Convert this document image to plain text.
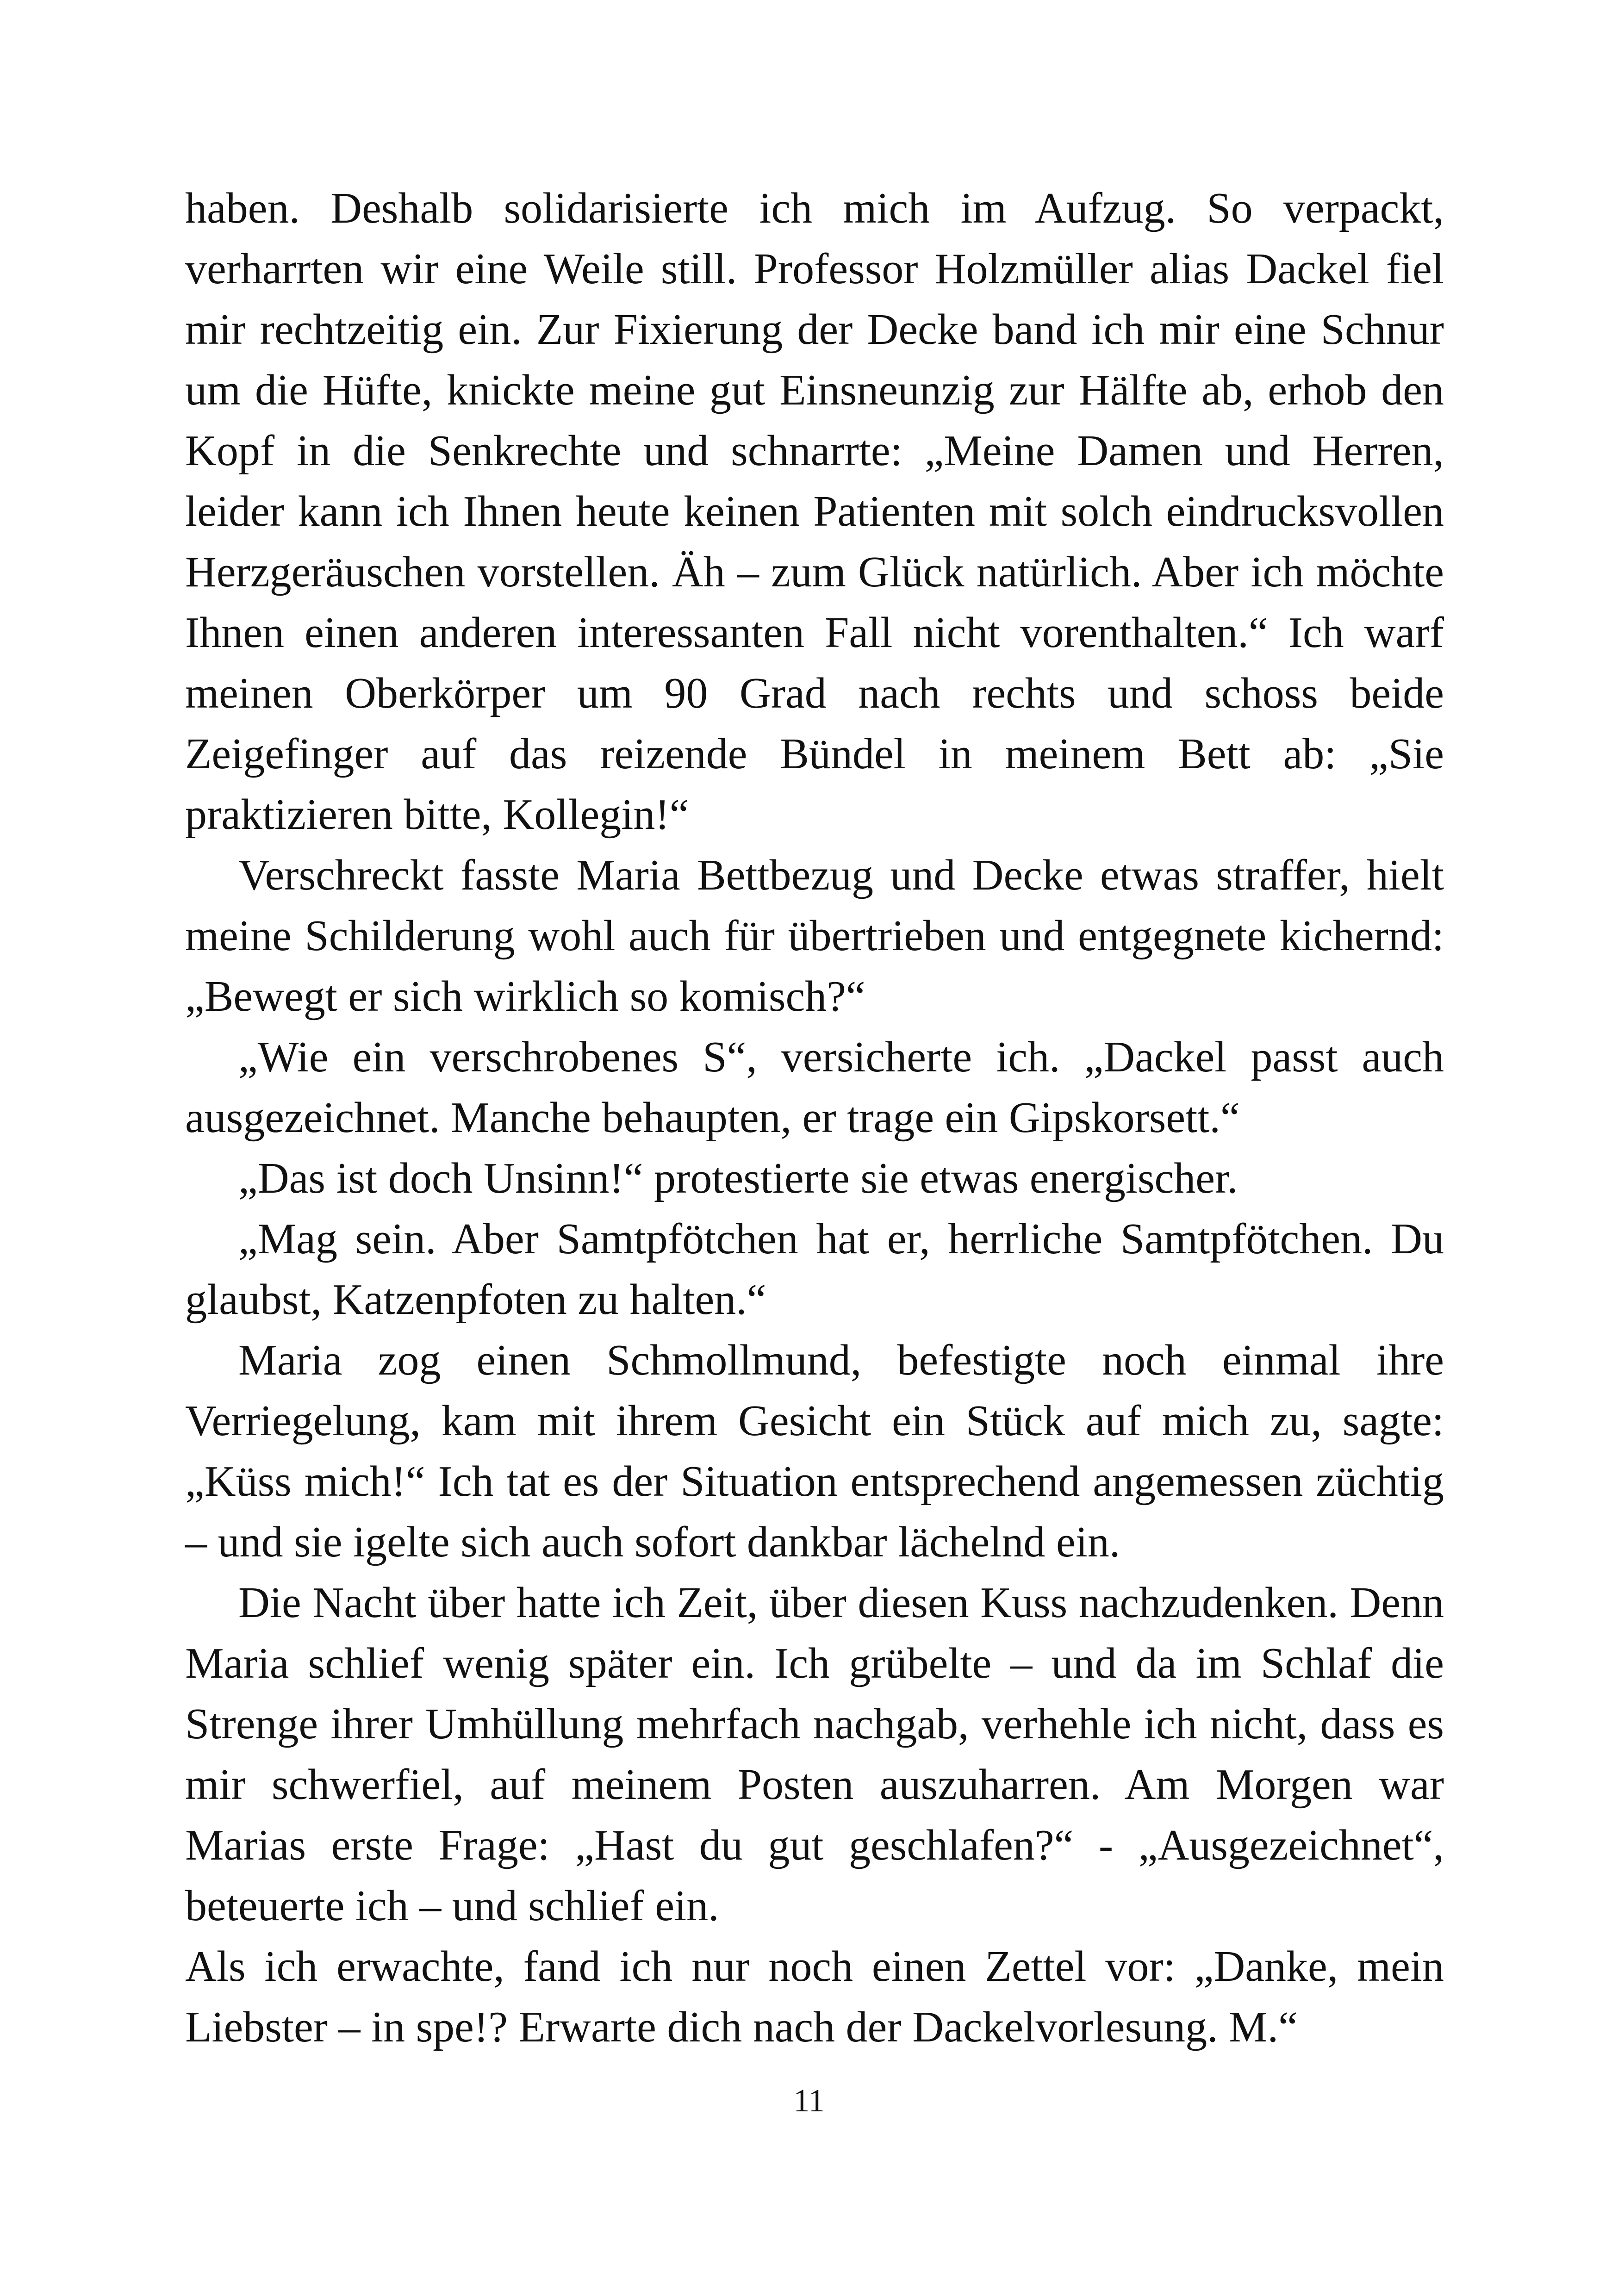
haben. Deshalb solidarisierte ich mich im Aufzug. So verpackt, verharrten wir eine Weile still. Professor Holzmüller alias Dackel fiel mir rechtzeitig ein. Zur Fixierung der Decke band ich mir eine Schnur um die Hüfte, knickte meine gut Einsneunzig zur Hälfte ab, erhob den Kopf in die Senkrechte und schnarrte: „Meine Damen und Herren, leider kann ich Ihnen heute keinen Patienten mit solch eindrucksvollen Herzgeräuschen vorstellen. Äh – zum Glück natürlich. Aber ich möchte Ihnen einen anderen interessanten Fall nicht vorenthalten.“ Ich warf meinen Oberkörper um 90 Grad nach rechts und schoss beide Zeigefinger auf das reizende Bündel in meinem Bett ab: „Sie praktizieren bitte, Kollegin!“

Verschreckt fasste Maria Bettbezug und Decke etwas straffer, hielt meine Schilderung wohl auch für übertrieben und entgegnete kichernd: „Bewegt er sich wirklich so komisch?“

„Wie ein verschrobenes S“, versicherte ich. „Dackel passt auch ausgezeichnet. Manche behaupten, er trage ein Gipskorsett.“

„Das ist doch Unsinn!“ protestierte sie etwas energischer.

„Mag sein. Aber Samtpfötchen hat er, herrliche Samtpfötchen. Du glaubst, Katzenpfoten zu halten.“

Maria zog einen Schmollmund, befestigte noch einmal ihre Verriegelung, kam mit ihrem Gesicht ein Stück auf mich zu, sagte: „Küss mich!“ Ich tat es der Situation entsprechend angemessen züchtig – und sie igelte sich auch sofort dankbar lächelnd ein.

Die Nacht über hatte ich Zeit, über diesen Kuss nachzudenken. Denn Maria schlief wenig später ein. Ich grübelte – und da im Schlaf die Strenge ihrer Umhüllung mehrfach nachgab, verhehle ich nicht, dass es mir schwerfiel, auf meinem Posten auszuharren. Am Morgen war Marias erste Frage: „Hast du gut geschlafen?“ - „Ausgezeichnet“, beteuerte ich – und schlief ein.

Als ich erwachte, fand ich nur noch einen Zettel vor: „Danke, mein Liebster – in spe!? Erwarte dich nach der Dackelvorlesung. M.“

11
